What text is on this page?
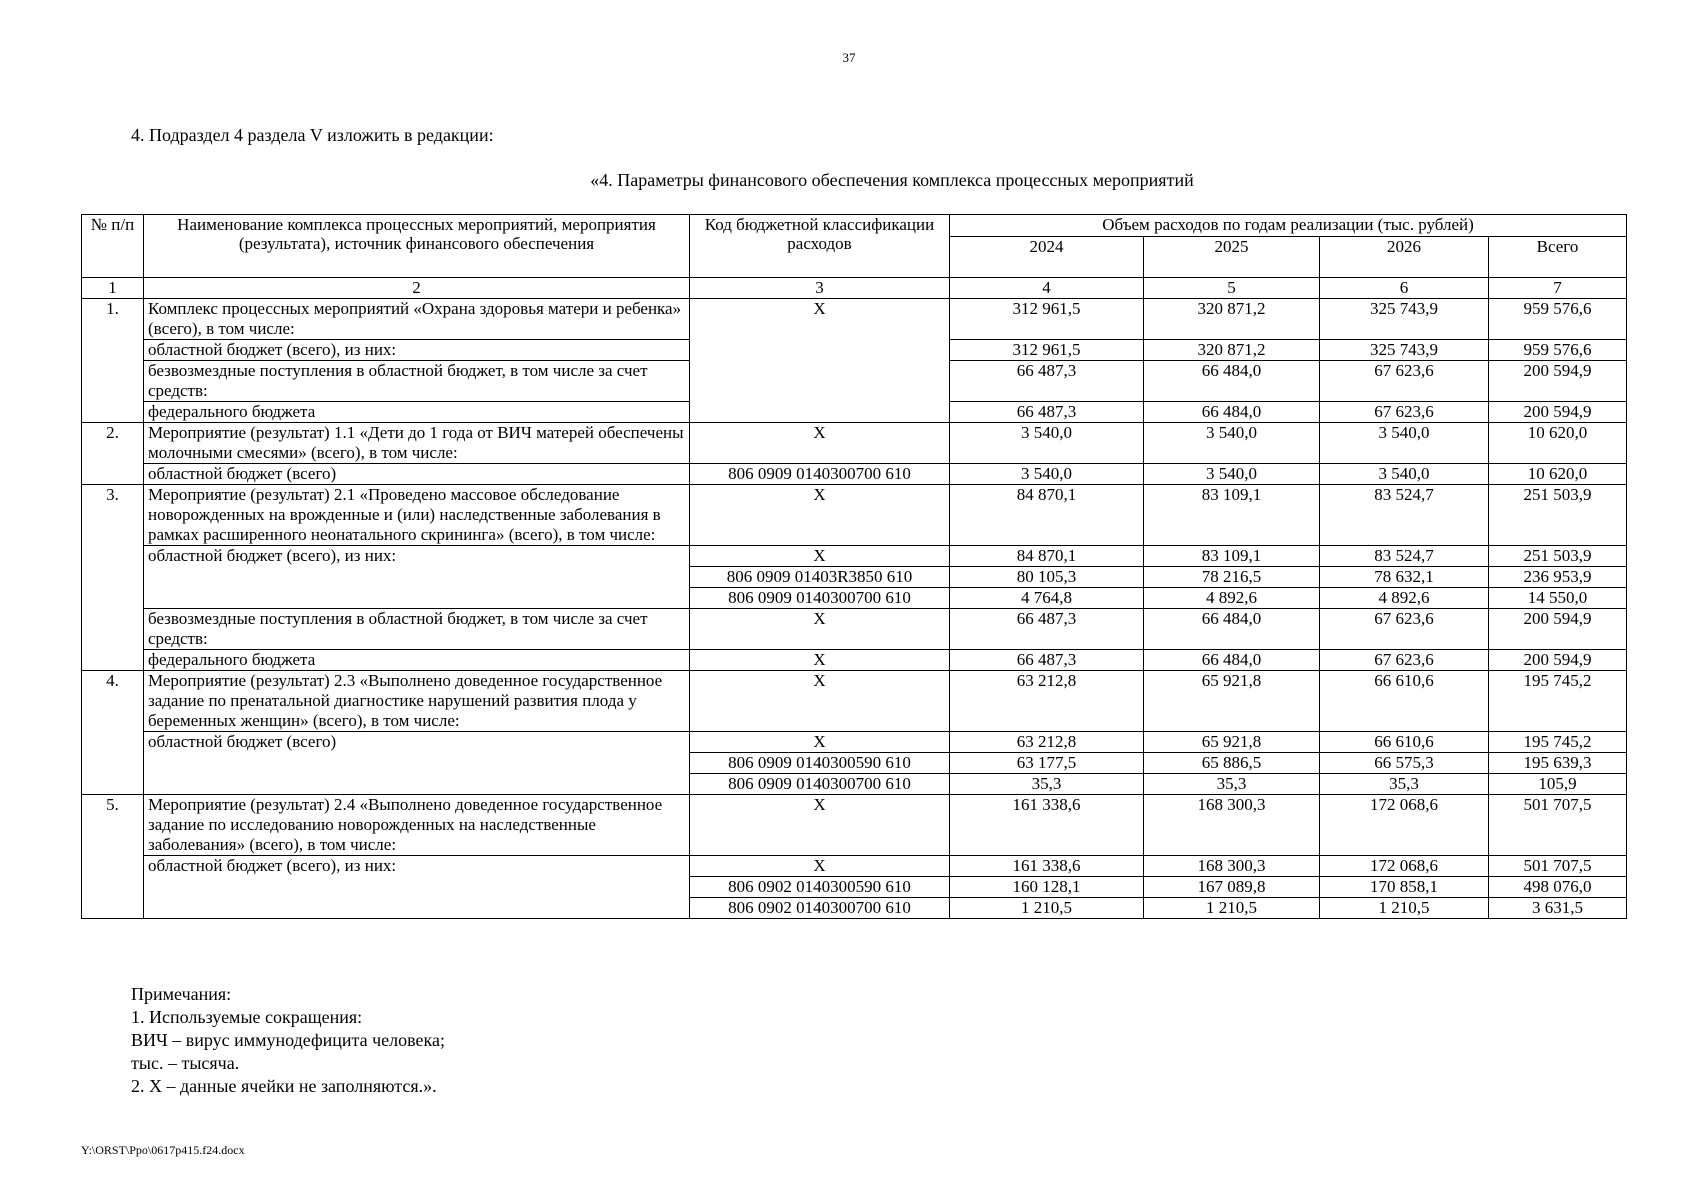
37
4. Подраздел 4 раздела V изложить в редакции:
«4. Параметры финансового обеспечения комплекса процессных мероприятий
№ п/п	Наименование комплекса процессных мероприятий, мероприятия (результата), источник финансового обеспечения	Код бюджетной классификации расходов	Объем расходов по годам реализации (тыс. рублей)			
			2024	2025	2026	Всего
1	2	3	4	5	6	7
1.	Комплекс процессных мероприятий «Охрана здоровья матери и ребенка» (всего), в том числе:	Х	312 961,5	320 871,2	325 743,9	959 576,6
	областной бюджет (всего), из них:		312 961,5	320 871,2	325 743,9	959 576,6
	безвозмездные поступления в областной бюджет, в том числе за счет средств:		66 487,3	66 484,0	67 623,6	200 594,9
	федерального бюджета		66 487,3	66 484,0	67 623,6	200 594,9
2.	Мероприятие (результат) 1.1 «Дети до 1 года от ВИЧ матерей обеспечены молочными смесями» (всего), в том числе:	Х	3 540,0	3 540,0	3 540,0	10 620,0
	областной бюджет (всего)	806 0909 0140300700 610	3 540,0	3 540,0	3 540,0	10 620,0
3.	Мероприятие (результат) 2.1 «Проведено массовое обследование новорожденных на врожденные и (или) наследственные заболевания в рамках расширенного неонатального скрининга» (всего), в том числе:	Х	84 870,1	83 109,1	83 524,7	251 503,9
	областной бюджет (всего), из них:	Х	84 870,1	83 109,1	83 524,7	251 503,9
		806 0909 01403R3850 610	80 105,3	78 216,5	78 632,1	236 953,9
		806 0909 0140300700 610	4 764,8	4 892,6	4 892,6	14 550,0
	безвозмездные поступления в областной бюджет, в том числе за счет средств:	Х	66 487,3	66 484,0	67 623,6	200 594,9
	федерального бюджета	Х	66 487,3	66 484,0	67 623,6	200 594,9
4.	Мероприятие (результат) 2.3 «Выполнено доведенное государственное задание по пренатальной диагностике нарушений развития плода у беременных женщин» (всего), в том числе:	Х	63 212,8	65 921,8	66 610,6	195 745,2
	областной бюджет (всего)	Х	63 212,8	65 921,8	66 610,6	195 745,2
		806 0909 0140300590 610	63 177,5	65 886,5	66 575,3	195 639,3
		806 0909 0140300700 610	35,3	35,3	35,3	105,9
5.	Мероприятие (результат) 2.4 «Выполнено доведенное государственное задание по исследованию новорожденных на наследственные заболевания» (всего), в том числе:	Х	161 338,6	168 300,3	172 068,6	501 707,5
	областной бюджет (всего), из них:	Х	161 338,6	168 300,3	172 068,6	501 707,5
		806 0902 0140300590 610	160 128,1	167 089,8	170 858,1	498 076,0
		806 0902 0140300700 610	1 210,5	1 210,5	1 210,5	3 631,5
Примечания:
1. Используемые сокращения:
ВИЧ – вирус иммунодефицита человека;
тыс. – тысяча.
2. Х – данные ячейки не заполняются.».
Y:\ORST\Ppo\0617p415.f24.docx
